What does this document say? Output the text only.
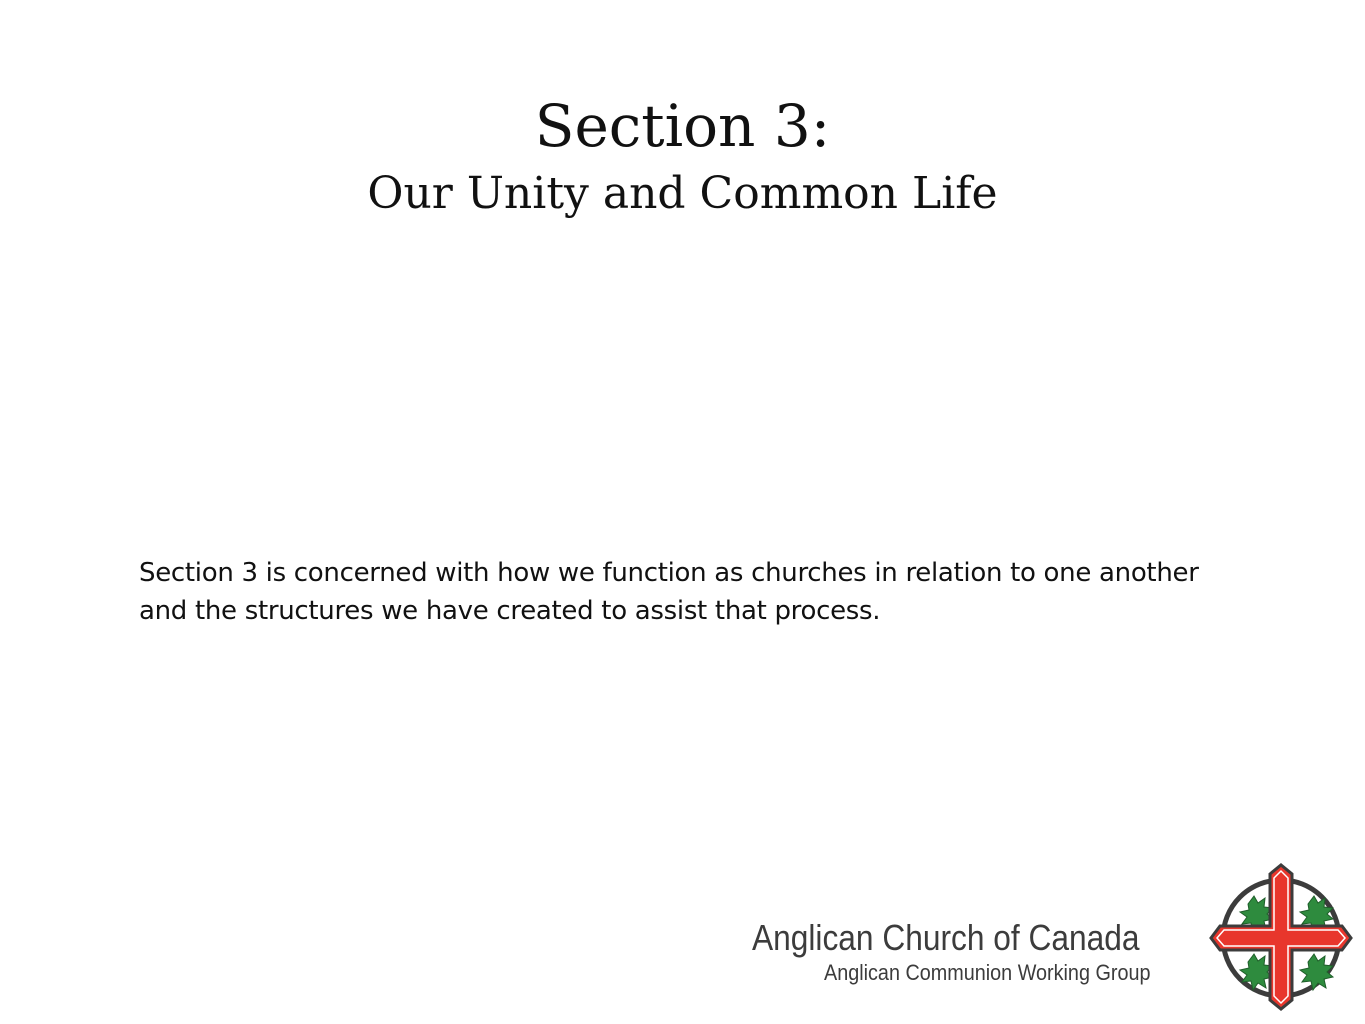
Section 3:
Our Unity and Common Life

Section 3 is concerned with how we function as churches in relation to one another and the structures we have created to assist that process.

Anglican Church of Canada
Anglican Communion Working Group
